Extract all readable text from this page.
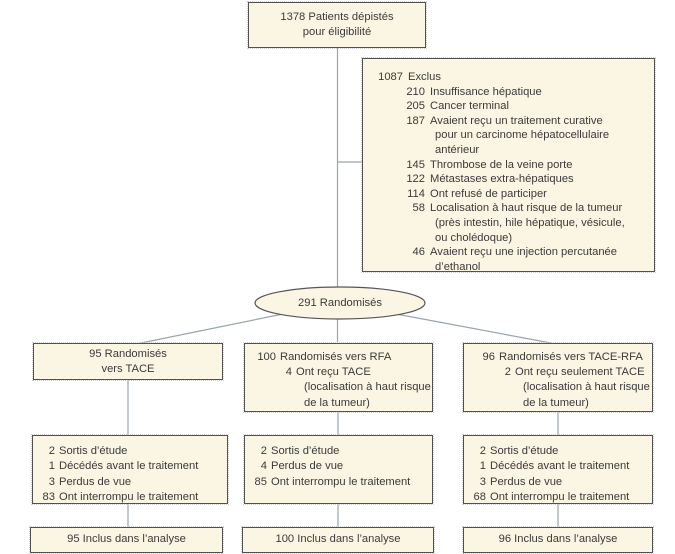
1378 Patients dépistés
pour éligibilité
1087 Exclus
210 Insuffisance hépatique
205 Cancer terminal
187 Avaient reçu un traitement curative
pour un carcinome hépatocellulaire
antérieur
145 Thrombose de la veine porte
122 Métastases extra-hépatiques
114 Ont refusé de participer
58 Localisation à haut risque de la tumeur
(près intestin, hile hépatique, vésicule,
ou cholédoque)
46 Avaient reçu une injection percutanée
d’ethanol
291 Randomisés
95 Randomisés
vers TACE
100 Randomisés vers RFA
4 Ont reçu TACE
(localisation à haut risque
de la tumeur)
96 Randomisés vers TACE-RFA
2 Ont reçu seulement TACE
(localisation à haut risque
de la tumeur)
2 Sortis d’étude
1 Décédés avant le traitement
3 Perdus de vue
83 Ont interrompu le traitement
2 Sortis d’étude
4 Perdus de vue
85 Ont interrompu le traitement
2 Sortis d’étude
1 Décédés avant le traitement
3 Perdus de vue
68 Ont interrompu le traitement
95 Inclus dans l’analyse	100 Inclus dans l’analyse	96 Inclus dans l’analyse
